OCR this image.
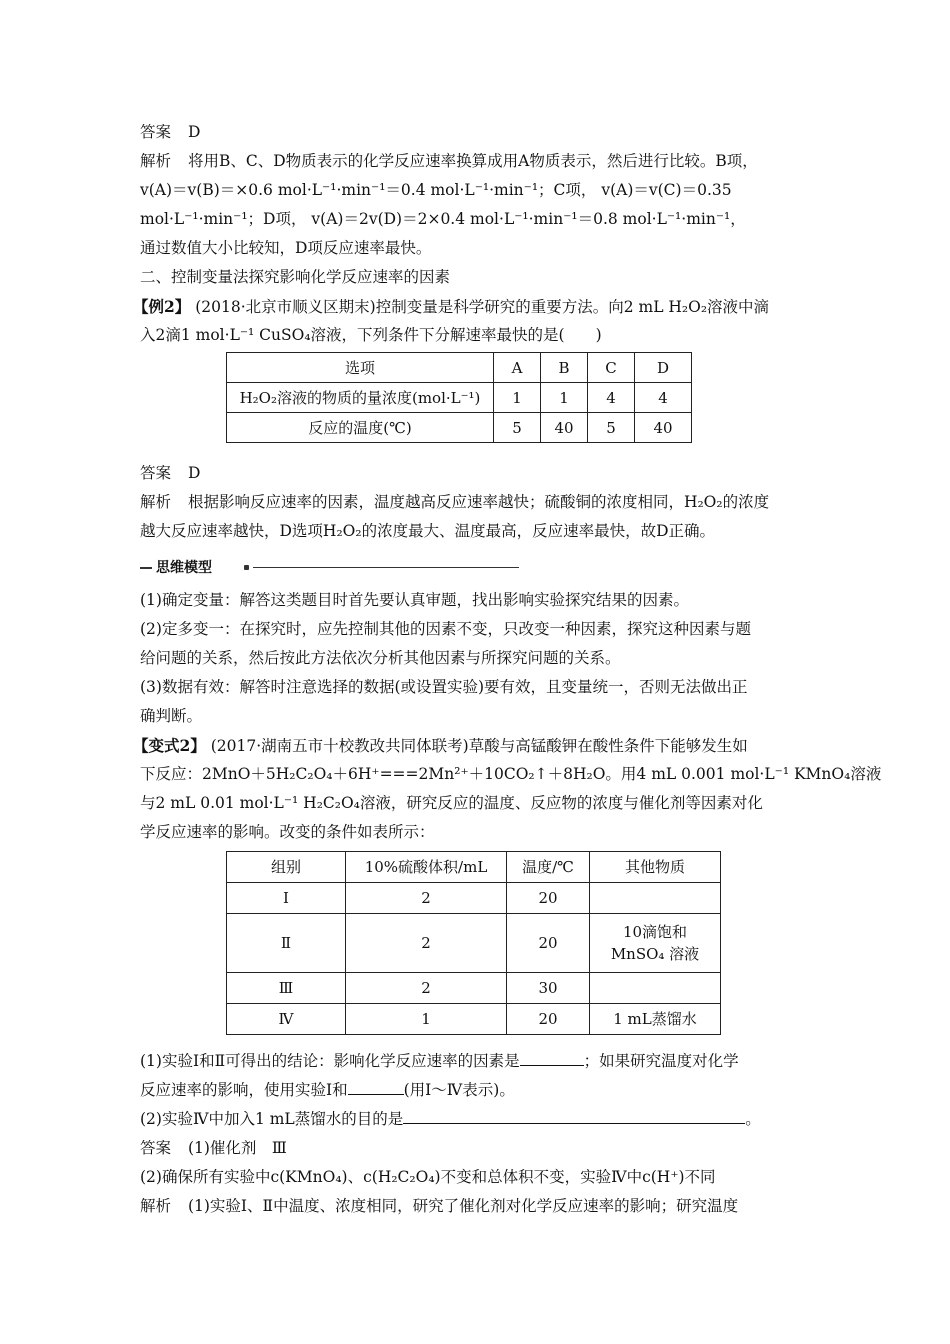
答案 D
解析 将用B、C、D物质表示的化学反应速率换算成用A物质表示，然后进行比较。B项，
v(A)＝v(B)＝×0.6 mol·L⁻¹·min⁻¹＝0.4 mol·L⁻¹·min⁻¹；C项， v(A)＝v(C)＝0.35
mol·L⁻¹·min⁻¹；D项， v(A)＝2v(D)＝2×0.4 mol·L⁻¹·min⁻¹＝0.8 mol·L⁻¹·min⁻¹，
通过数值大小比较知，D项反应速率最快。
二、控制变量法探究影响化学反应速率的因素
【例2】 (2018·北京市顺义区期末)控制变量是科学研究的重要方法。向2 mL H₂O₂溶液中滴
入2滴1 mol·L⁻¹ CuSO₄溶液，下列条件下分解速率最快的是(　　)
选项	A	B	C	D
H₂O₂溶液的物质的量浓度(mol·L⁻¹)	1	1	4	4
反应的温度(℃)	5	40	5	40
答案 D
解析 根据影响反应速率的因素，温度越高反应速率越快；硫酸铜的浓度相同，H₂O₂的浓度
越大反应速率越快，D选项H₂O₂的浓度最大、温度最高，反应速率最快，故D正确。
思维模型
(1)确定变量：解答这类题目时首先要认真审题，找出影响实验探究结果的因素。
(2)定多变一：在探究时，应先控制其他的因素不变，只改变一种因素，探究这种因素与题
给问题的关系，然后按此方法依次分析其他因素与所探究问题的关系。
(3)数据有效：解答时注意选择的数据(或设置实验)要有效，且变量统一，否则无法做出正
确判断。
【变式2】 (2017·湖南五市十校教改共同体联考)草酸与高锰酸钾在酸性条件下能够发生如
下反应：2MnO＋5H₂C₂O₄＋6H⁺===2Mn²⁺＋10CO₂↑＋8H₂O。用4 mL 0.001 mol·L⁻¹ KMnO₄溶液
与2 mL 0.01 mol·L⁻¹ H₂C₂O₄溶液，研究反应的温度、反应物的浓度与催化剂等因素对化
学反应速率的影响。改变的条件如表所示：
组别	10%硫酸体积/mL	温度/℃	其他物质
Ⅰ	2	20	
Ⅱ	2	20	10滴饱和MnSO₄ 溶液
Ⅲ	2	30	
Ⅳ	1	20	1 mL蒸馏水
(1)实验Ⅰ和Ⅱ可得出的结论：影响化学反应速率的因素是	；如果研究温度对化学
反应速率的影响，使用实验Ⅰ和	(用Ⅰ～Ⅳ表示)。
(2)实验Ⅳ中加入1 mL蒸馏水的目的是	。
答案 (1)催化剂　Ⅲ
(2)确保所有实验中c(KMnO₄)、c(H₂C₂O₄)不变和总体积不变，实验Ⅳ中c(H⁺)不同
解析 (1)实验Ⅰ、Ⅱ中温度、浓度相同，研究了催化剂对化学反应速率的影响；研究温度
